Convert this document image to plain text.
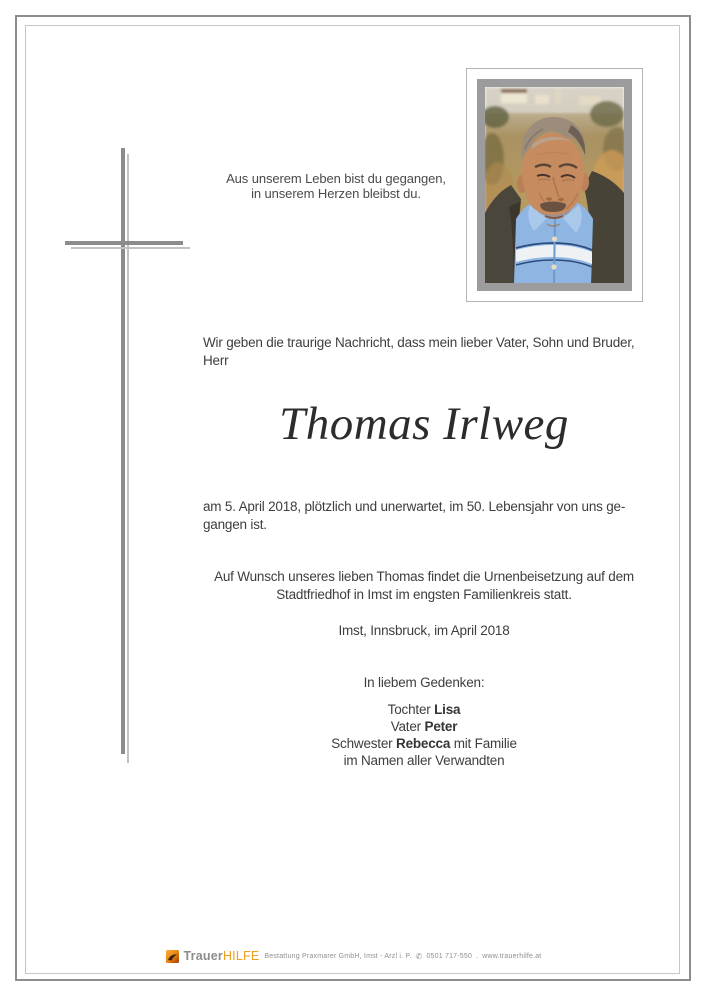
Aus unserem Leben bist du gegangen,
in unserem Herzen bleibst du.
Wir geben die traurige Nachricht, dass mein lieber Vater, Sohn und Bruder,
Herr
Thomas Irlweg
am 5. April 2018, plötzlich und unerwartet, im 50. Lebensjahr von uns ge-
gangen ist.
Auf Wunsch unseres lieben Thomas findet die Urnenbeisetzung auf dem
Stadtfriedhof in Imst im engsten Familienkreis statt.
Imst, Innsbruck, im April 2018
In liebem Gedenken:
Tochter Lisa
Vater Peter
Schwester Rebecca mit Familie
im Namen aller Verwandten
TrauerHILFE Bestattung Praxmarer GmbH, Imst - Arzl i. P. ✆ 0501 717-550 . www.trauerhilfe.at
